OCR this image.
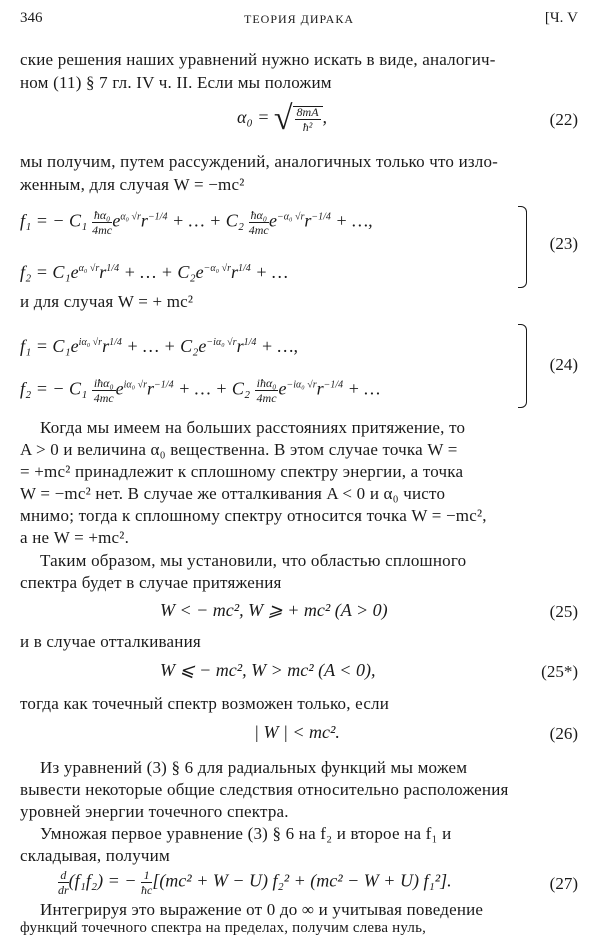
346	ТЕОРИЯ ДИРАКА	[Ч. V
ские решения наших уравнений нужно искать в виде, аналогич-
ном (11) § 7 гл. IV ч. II. Если мы положим
α₀ = √ $\frac{8mA}{\text{ħ²}}$ ,	(22)
мы получим, путем рассуждений, аналогичных только что изло-
женным, для случая W = −mc²
f₁ = − $C_1 \frac{\text{ħα₀}}{4mc} e^{\alpha_0 √r}r^{-1/4}$ + … + $C_2 \frac{\text{ħα₀}}{4mc} e^{-\alpha_0 √r}r^{-1/4}$ + …,
$f_2 = C_1e^{\alpha_0 √r}r^{1/4}$ + … + $C_2e^{-\alpha_0 √r}r^{1/4}$ + …
(23)
и для случая W = + mc²
$f_1 = C_1e^{i\alpha_0 √r}r^{1/4}$ + … + $C_2e^{-i\alpha_0 √r}r^{1/4}$ + …,
f₂ = − $C_1 \frac{\text{iħα₀}}{4mc} e^{i\alpha_0 √r}r^{-1/4}$ + … + $C_2 \frac{\text{iħα₀}}{4mc} e^{-i\alpha_0 √r}r^{-1/4}$ + …
(24)
Когда мы имеем на больших расстояниях притяжение, то
A > 0 и величина α₀ вещественна. В этом случае точка W =
= +mc² принадлежит к сплошному спектру энергии, а точка
W = −mc² нет. В случае же отталкивания A < 0 и α₀ чисто
мнимо; тогда к сплошному спектру относится точка W = −mc²,
а не W = +mc².
Таким образом, мы установили, что областью сплошного
спектра будет в случае притяжения
W < − mc², W ⩾ + mc² (A > 0)	(25)
и в случае отталкивания
W ⩽ − mc², W > mc² (A < 0),	(25*)
тогда как точечный спектр возможен только, если
| W | < mc².	(26)
Из уравнений (3) § 6 для радиальных функций мы можем
вывести некоторые общие следствия относительно расположения
уровней энергии точечного спектра.
Умножая первое уравнение (3) § 6 на f₂ и второе на f₁ и
складывая, получим
$\frac{d}{dr} (f_1f_2)$ = − $\frac{1}{ħc} [(mc^2 + W - U) f_2^2 + (mc^2 - W + U)$ f₁²].	(27)
Интегрируя это выражение от 0 до ∞ и учитывая поведение
функций точечного спектра на пределах, получим слева нуль,
